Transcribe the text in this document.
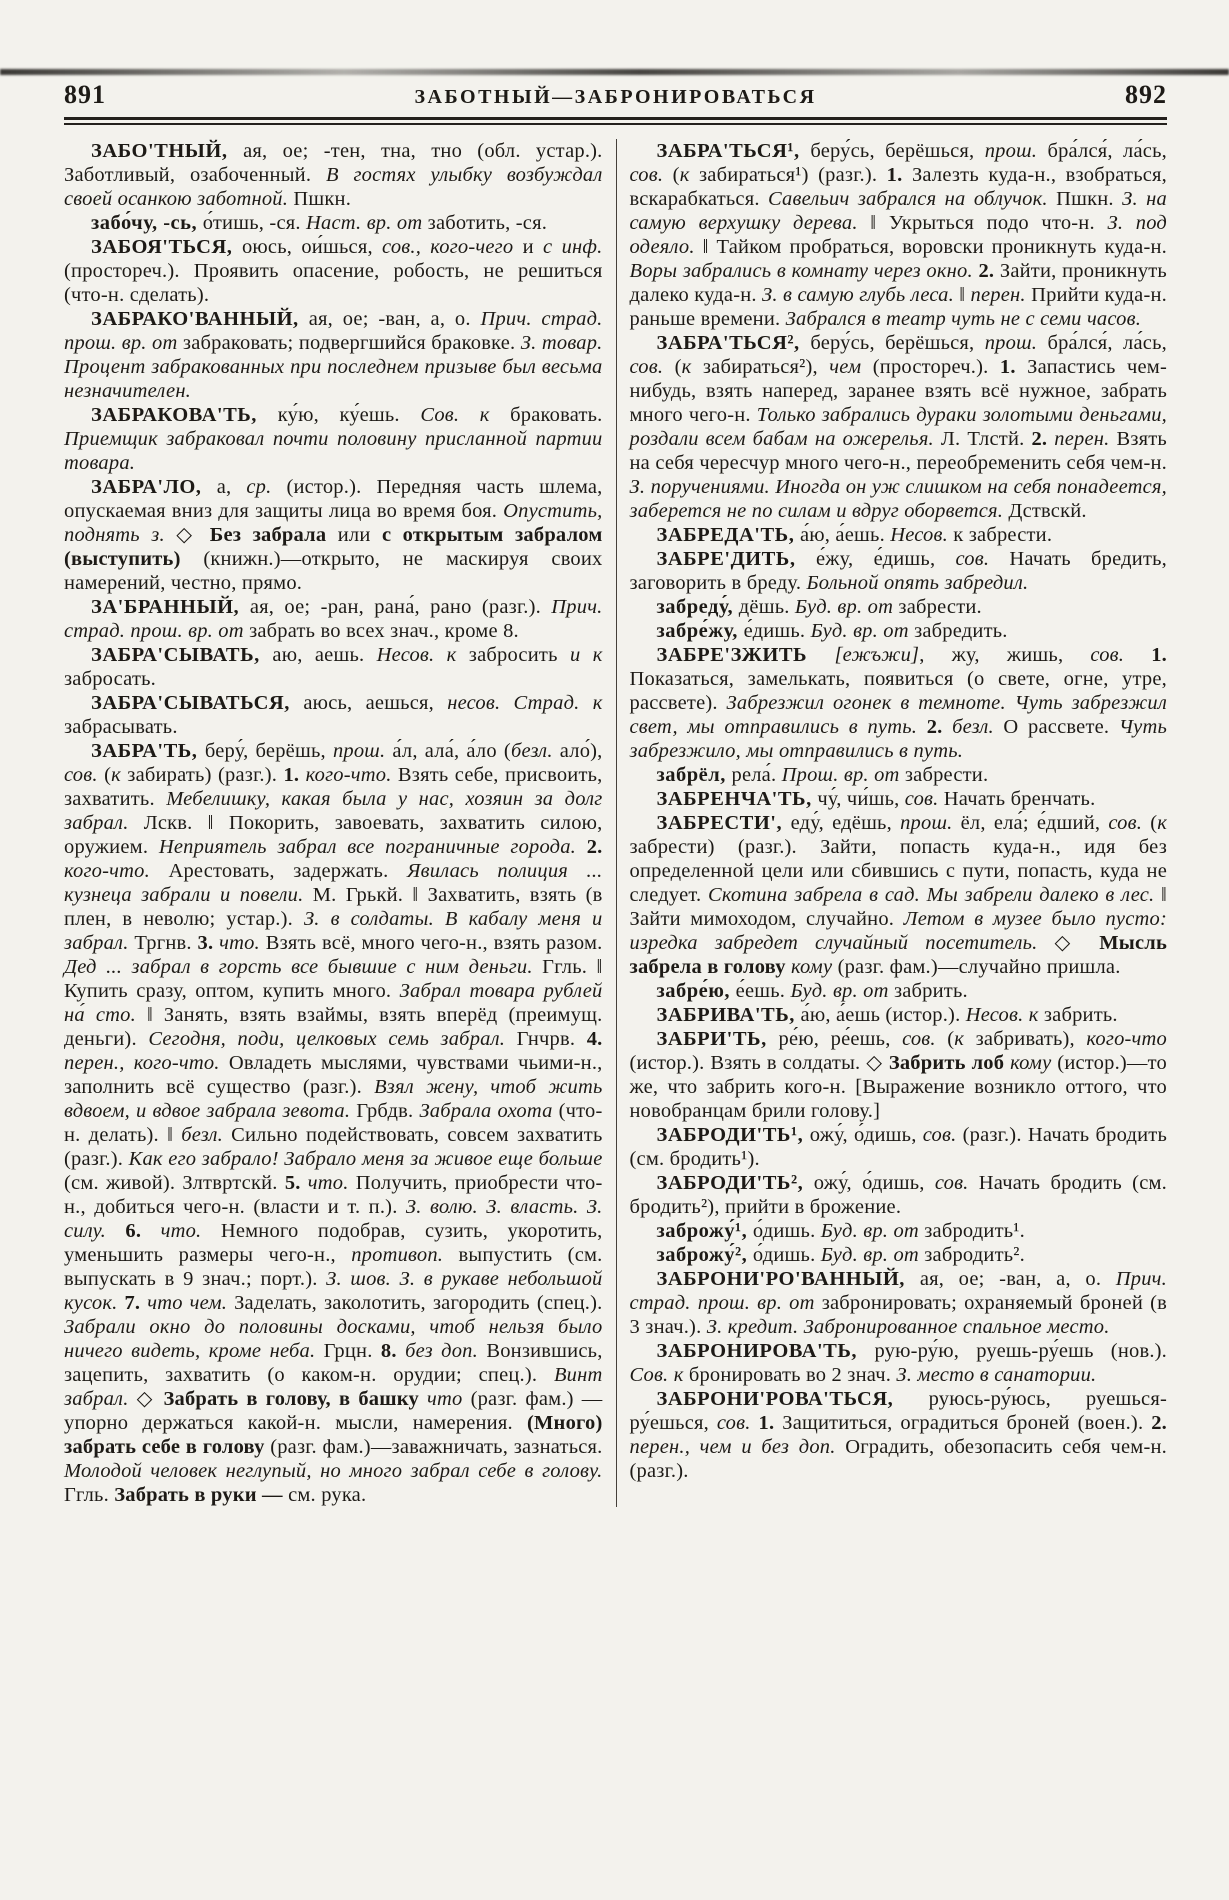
891	ЗАБОТНЫЙ—ЗАБРОНИРОВАТЬСЯ	892

ЗАБО'ТНЫЙ, ая, ое; -тен, тна, тно (обл. устар.). Заботливый, озабоченный. В гостях улыбку возбуждал своей осанкою заботной. Пшкн.

забо́чу, -сь, о́тишь, -ся. Наст. вр. от заботить, -ся.

ЗАБОЯ'ТЬСЯ, оюсь, ои́шься, сов., кого-чего и с инф. (простореч.). Проявить опасение, робость, не решиться (что-н. сделать).

ЗАБРАКО'ВАННЫЙ, ая, ое; -ван, а, о. Прич. страд. прош. вр. от забраковать; подвергшийся браковке. З. товар. Процент забракованных при последнем призыве был весьма незначителен.

ЗАБРАКОВА'ТЬ, ку́ю, ку́ешь. Сов. к браковать. Приемщик забраковал почти половину присланной партии товара.

ЗАБРА'ЛО, а, ср. (истор.). Передняя часть шлема, опускаемая вниз для защиты лица во время боя. Опустить, поднять з. ◇ Без забрала или с открытым забралом (выступить) (книжн.)—открыто, не маскируя своих намерений, честно, прямо.

ЗА'БРАННЫЙ, ая, ое; -ран, рана́, рано (разг.). Прич. страд. прош. вр. от забрать во всех знач., кроме 8.

ЗАБРА'СЫВАТЬ, аю, аешь. Несов. к забросить и к забросать.

ЗАБРА'СЫВАТЬСЯ, аюсь, аешься, несов. Страд. к забрасывать.

ЗАБРА'ТЬ, беру́, берёшь, прош. а́л, ала́, а́ло (безл. ало́), сов. (к забирать) (разг.). 1. кого-что. Взять себе, присвоить, захватить. Мебелишку, какая была у нас, хозяин за долг забрал. Лскв. ‖ Покорить, завоевать, захватить силою, оружием. Неприятель забрал все пограничные города. 2. кого-что. Арестовать, задержать. Явилась полиция ... кузнеца забрали и повели. М. Грькй. ‖ Захватить, взять (в плен, в неволю; устар.). З. в солдаты. В кабалу меня и забрал. Тргнв. 3. что. Взять всё, много чего-н., взять разом. Дед ... забрал в горсть все бывшие с ним деньги. Ггль. ‖ Купить сразу, оптом, купить много. Забрал товара рублей на́ сто. ‖ Занять, взять взаймы, взять вперёд (преимущ. деньги). Сегодня, поди, целковых семь забрал. Гнчрв. 4. перен., кого-что. Овладеть мыслями, чувствами чьими-н., заполнить всё существо (разг.). Взял жену, чтоб жить вдвоем, и вдвое забрала зевота. Грбдв. Забрала охота (что-н. делать). ‖ безл. Сильно подействовать, совсем захватить (разг.). Как его забрало! Забрало меня за живое еще больше (см. живой). Злтвртскй. 5. что. Получить, приобрести что-н., добиться чего-н. (власти и т. п.). З. волю. З. власть. З. силу. 6. что. Немного подобрав, сузить, укоротить, уменьшить размеры чего-н., противоп. выпустить (см. выпускать в 9 знач.; порт.). З. шов. З. в рукаве небольшой кусок. 7. что чем. Заделать, заколотить, загородить (спец.). Забрали окно до половины досками, чтоб нельзя было ничего видеть, кроме неба. Грцн. 8. без доп. Вонзившись, зацепить, захватить (о каком-н. орудии; спец.). Винт забрал. ◇ Забрать в голову, в башку что (разг. фам.) — упорно держаться какой-н. мысли, намерения. (Много) забрать себе в голову (разг. фам.)—заважничать, зазнаться. Молодой человек неглупый, но много забрал себе в голову. Ггль. Забрать в руки — см. рука.

ЗАБРА'ТЬСЯ¹, беру́сь, берёшься, прош. бра́лся́, ла́сь, сов. (к забираться¹) (разг.). 1. Залезть куда-н., взобраться, вскарабкаться. Савельич забрался на облучок. Пшкн. З. на самую верхушку дерева. ‖ Укрыться подо что-н. З. под одеяло. ‖ Тайком пробраться, воровски проникнуть куда-н. Воры забрались в комнату через окно. 2. Зайти, проникнуть далеко куда-н. З. в самую глубь леса. ‖ перен. Прийти куда-н. раньше времени. Забрался в театр чуть не с семи часов.

ЗАБРА'ТЬСЯ², беру́сь, берёшься, прош. бра́лся́, ла́сь, сов. (к забираться²), чем (простореч.). 1. Запастись чем-нибудь, взять наперед, заранее взять всё нужное, забрать много чего-н. Только забрались дураки золотыми деньгами, роздали всем бабам на ожерелья. Л. Тлстй. 2. перен. Взять на себя чересчур много чего-н., переобременить себя чем-н. З. поручениями. Иногда он уж слишком на себя понадеется, заберется не по силам и вдруг оборвется. Дствскй.

ЗАБРЕДА'ТЬ, а́ю, а́ешь. Несов. к забрести.

ЗАБРЕ'ДИТЬ, е́жу, е́дишь, сов. Начать бредить, заговорить в бреду. Больной опять забредил.

забреду́, дёшь. Буд. вр. от забрести.

забре́жу, е́дишь. Буд. вр. от забредить.

ЗАБРЕ'ЗЖИТЬ [ежъжи], жу, жишь, сов. 1. Показаться, замелькать, появиться (о свете, огне, утре, рассвете). Забрезжил огонек в темноте. Чуть забрезжил свет, мы отправились в путь. 2. безл. О рассвете. Чуть забрезжило, мы отправились в путь.

забрёл, рела́. Прош. вр. от забрести.

ЗАБРЕНЧА'ТЬ, чу́, чи́шь, сов. Начать бренчать.

ЗАБРЕСТИ', еду́, едёшь, прош. ёл, ела́; е́дший, сов. (к забрести) (разг.). Зайти, попасть куда-н., идя без определенной цели или сбившись с пути, попасть, куда не следует. Скотина забрела в сад. Мы забрели далеко в лес. ‖ Зайти мимоходом, случайно. Летом в музее было пусто: изредка забредет случайный посетитель. ◇ Мысль забрела в голову кому (разг. фам.)—случайно пришла.

забре́ю, е́ешь. Буд. вр. от забрить.

ЗАБРИВА'ТЬ, а́ю, а́ешь (истор.). Несов. к забрить.

ЗАБРИ'ТЬ, ре́ю, ре́ешь, сов. (к забривать), кого-что (истор.). Взять в солдаты. ◇ Забрить лоб кому (истор.)—то же, что забрить кого-н. [Выражение возникло оттого, что новобранцам брили голову.]

ЗАБРОДИ'ТЬ¹, ожу́, о́дишь, сов. (разг.). Начать бродить (см. бродить¹).

ЗАБРОДИ'ТЬ², ожу́, о́дишь, сов. Начать бродить (см. бродить²), прийти в брожение.

заброжу́¹, о́дишь. Буд. вр. от забродить¹.

заброжу́², о́дишь. Буд. вр. от забродить².

ЗАБРОНИ'РО'ВАННЫЙ, ая, ое; -ван, а, о. Прич. страд. прош. вр. от забронировать; охраняемый броней (в 3 знач.). З. кредит. Забронированное спальное место.

ЗАБРОНИРОВА'ТЬ, рую-ру́ю, руешь-ру́ешь (нов.). Сов. к бронировать во 2 знач. З. место в санатории.

ЗАБРОНИ'РОВА'ТЬСЯ, руюсь-ру́юсь, руешься-ру́ешься, сов. 1. Защититься, оградиться броней (воен.). 2. перен., чем и без доп. Оградить, обезопасить себя чем-н. (разг.).
